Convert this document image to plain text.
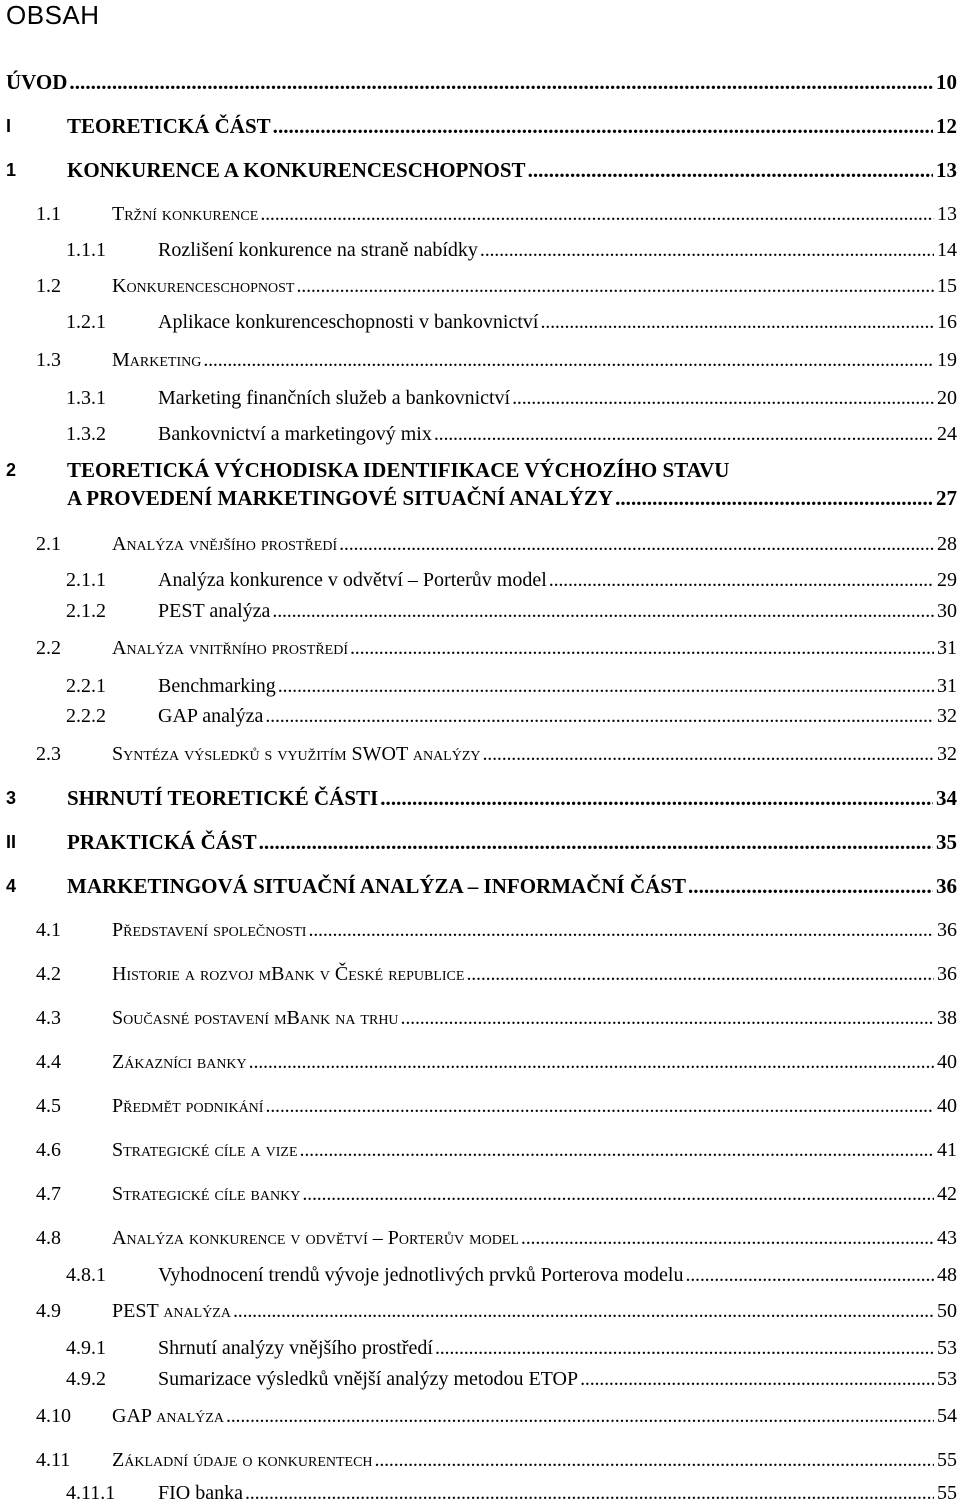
OBSAH
ÚVOD . . .	10
I	TEORETICKÁ ČÁST . . .	12
1 KONKURENCE A KONKURENCESCHOPNOST . . .	13
1.1	Tržní konkurence . . .	13
1.1.1	Rozlišení konkurence na straně nabídky . . .	14
1.2	Konkurenceschopnost . . .	15
1.2.1	Aplikace konkurenceschopnosti v bankovnictví . . .	16
1.3	Marketing . . .	19
1.3.1	Marketing finančních služeb a bankovnictví . . .	20
1.3.2	Bankovnictví a marketingový mix . . .	24
2 TEORETICKÁ VÝCHODISKA IDENTIFIKACE VÝCHOZÍHO STAVU
A PROVEDENÍ MARKETINGOVÉ SITUAČNÍ ANALÝZY . . .	27
2.1	Analýza vnějšího prostředí . . .	28
2.1.1	Analýza konkurence v odvětví – Porterův model . . .	29
2.1.2	PEST analýza . . .	30
2.2	Analýza vnitřního prostředí . . .	31
2.2.1	Benchmarking . . .	31
2.2.2	GAP analýza . . .	32
2.3	Syntéza výsledků s využitím SWOT analýzy . . .	32
3 SHRNUTÍ TEORETICKÉ ČÁSTI . . .	34
II PRAKTICKÁ ČÁST . . .	35
4 MARKETINGOVÁ SITUAČNÍ ANALÝZA – INFORMAČNÍ ČÁST . . .	36
4.1	Představení společnosti . . .	36
4.2	Historie a rozvoj mBank v České republice . . .	36
4.3	Současné postavení mBank na trhu . . .	38
4.4	Zákazníci banky . . .	40
4.5	Předmět podnikání . . .	40
4.6	Strategické cíle a vize . . .	41
4.7	Strategické cíle banky . . .	42
4.8	Analýza konkurence v odvětví – Porterův model . . .	43
4.8.1	Vyhodnocení trendů vývoje jednotlivých prvků Porterova modelu . . .	48
4.9	PEST analýza . . .	50
4.9.1	Shrnutí analýzy vnějšího prostředí . . .	53
4.9.2	Sumarizace výsledků vnější analýzy metodou ETOP . . .	53
4.10 GAP analýza . . .	54
4.11 Základní údaje o konkurentech . . .	55
4.11.1 FIO banka . . .	55
